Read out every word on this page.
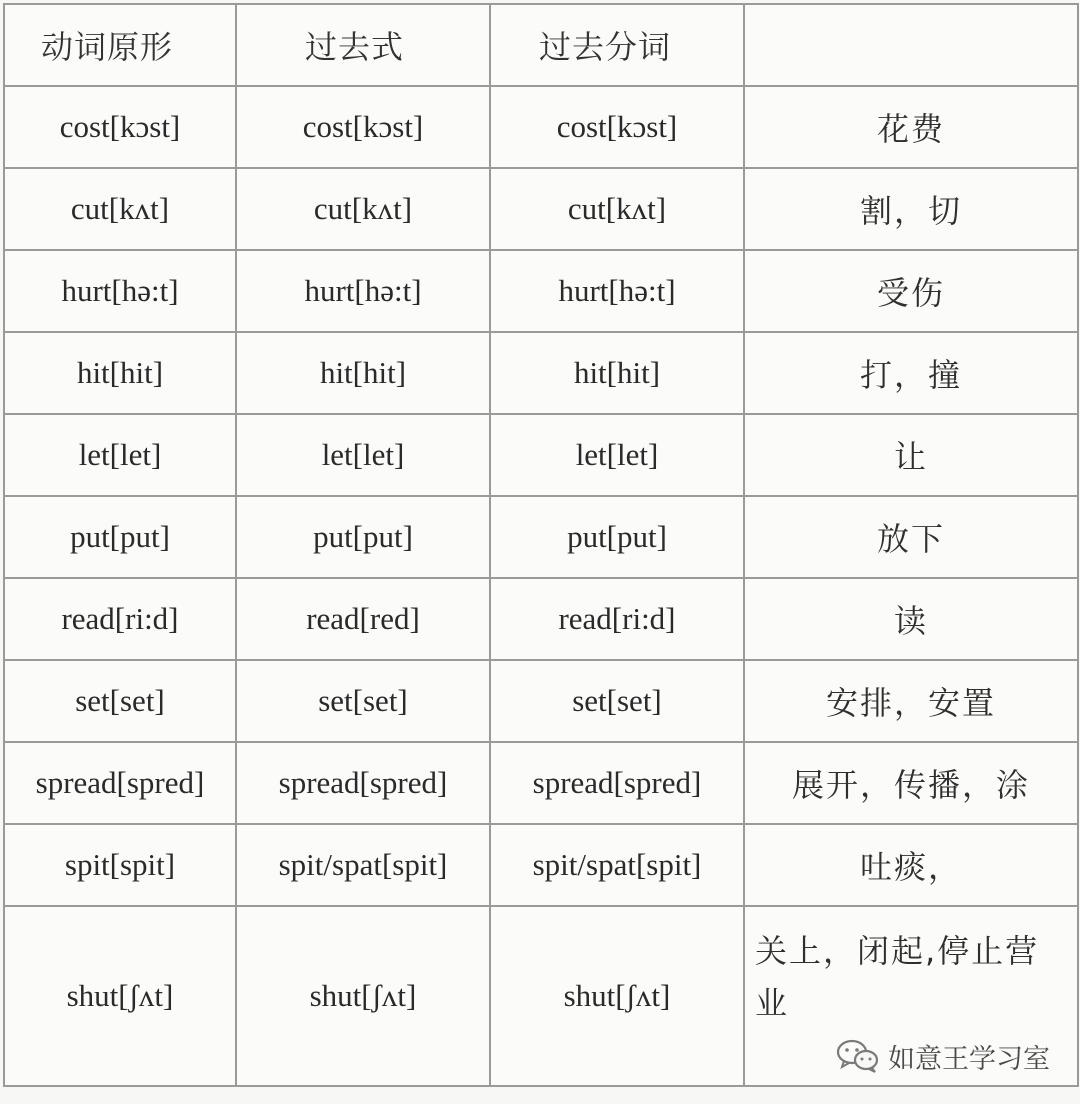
动词原形	过去式	过去分词	
cost[kɔst]	cost[kɔst]	cost[kɔst]	花费
cut[kʌt]	cut[kʌt]	cut[kʌt]	割，切
hurt[hə:t]	hurt[hə:t]	hurt[hə:t]	受伤
hit[hit]	hit[hit]	hit[hit]	打，撞
let[let]	let[let]	let[let]	让
put[put]	put[put]	put[put]	放下
read[ri:d]	read[red]	read[ri:d]	读
set[set]	set[set]	set[set]	安排，安置
spread[spred]	spread[spred]	spread[spred]	展开，传播，涂
spit[spit]	spit/spat[spit]	spit/spat[spit]	吐痰，
shut[ʃʌt]	shut[ʃʌt]	shut[ʃʌt]	关上，闭起,停止营业
如意王学习室
